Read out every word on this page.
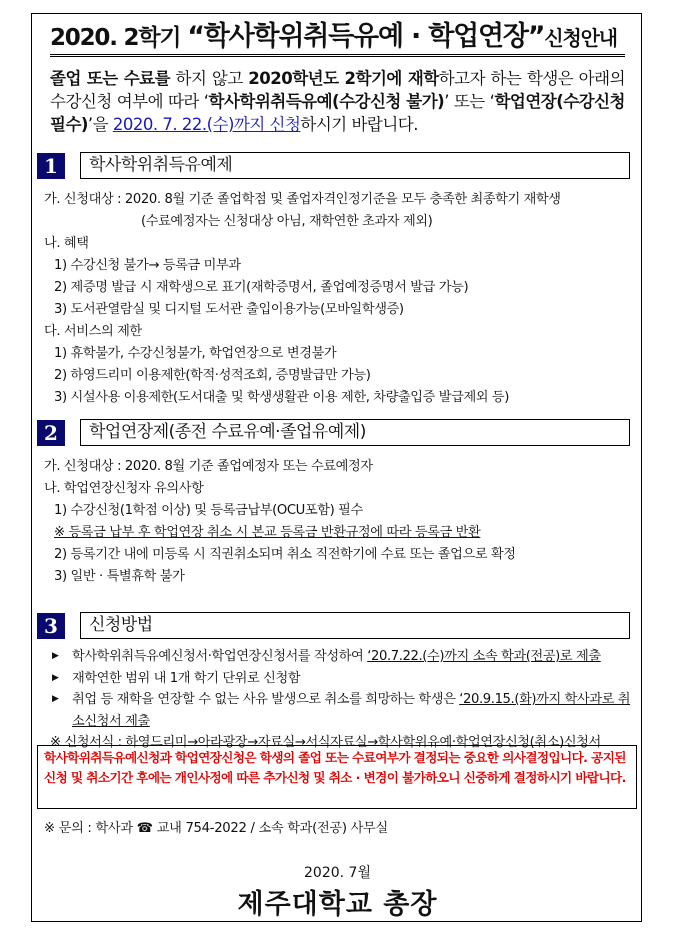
2020. 2학기 “학사학위취득유예 · 학업연장”신청안내
졸업 또는 수료를 하지 않고 2020학년도 2학기에 재학하고자 하는 학생은 아래의 수강신청 여부에 따라 ‘학사학위취득유예(수강신청 불가)’ 또는 ‘학업연장(수강신청 필수)’을 2020. 7. 22.(수)까지 신청하시기 바랍니다.
1	학사학위취득유예제
가. 신청대상 : 2020. 8월 기준 졸업학점 및 졸업자격인정기준을 모두 충족한 최종학기 재학생
(수료예정자는 신청대상 아님, 재학연한 초과자 제외)
나. 혜택
1) 수강신청 불가→ 등록금 미부과
2) 제증명 발급 시 재학생으로 표기(재학증명서, 졸업예정증명서 발급 가능)
3) 도서관열람실 및 디지털 도서관 출입이용가능(모바일학생증)
다. 서비스의 제한
1) 휴학불가, 수강신청불가, 학업연장으로 변경불가
2) 하영드리미 이용제한(학적·성적조회, 증명발급만 가능)
3) 시설사용 이용제한(도서대출 및 학생생활관 이용 제한, 차량출입증 발급제외 등)
2	학업연장제(종전 수료유예·졸업유예제)
가. 신청대상 : 2020. 8월 기준 졸업예정자 또는 수료예정자
나. 학업연장신청자 유의사항
1) 수강신청(1학점 이상) 및 등록금납부(OCU포함) 필수
※ 등록금 납부 후 학업연장 취소 시 본교 등록금 반환규정에 따라 등록금 반환
2) 등록기간 내에 미등록 시 직권취소되며 취소 직전학기에 수료 또는 졸업으로 확정
3) 일반 · 특별휴학 불가
3	신청방법
▶ 학사학위취득유예신청서·학업연장신청서를 작성하여 ‘20.7.22.(수)까지 소속 학과(전공)로 제출
▶ 재학연한 범위 내 1개 학기 단위로 신청함
▶ 취업 등 재학을 연장할 수 없는 사유 발생으로 취소를 희망하는 학생은 ‘20.9.15.(화)까지 학사과로 취소신청서 제출
※ 신청서식 : 하영드리미→아라광장→자료실→서식자료실→학사학위유예·학업연장신청(취소)신청서
학사학위취득유예신청과 학업연장신청은 학생의 졸업 또는 수료여부가 결정되는 중요한 의사결정입니다. 공지된 신청 및 취소기간 후에는 개인사정에 따른 추가신청 및 취소 · 변경이 불가하오니 신중하게 결정하시기 바랍니다.
※ 문의 : 학사과 ☎ 교내 754-2022 / 소속 학과(전공) 사무실
2020. 7월
제주대학교 총장
